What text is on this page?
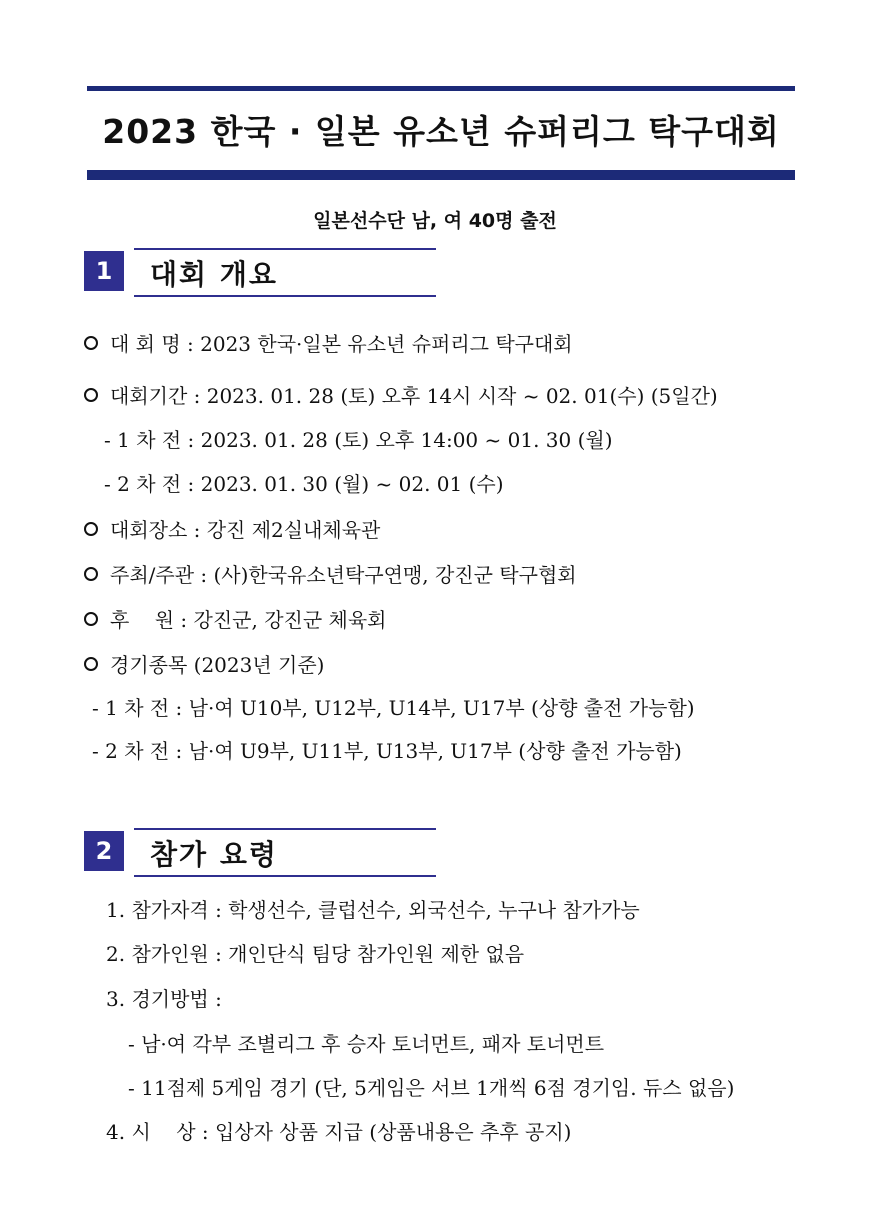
2023 한국 · 일본 유소년 슈퍼리그 탁구대회
일본선수단 남, 여 40명 출전
1	대회 개요
대 회 명 : 2023 한국·일본 유소년 슈퍼리그 탁구대회
대회기간 : 2023. 01. 28 (토) 오후 14시 시작 ~ 02. 01(수) (5일간)
- 1 차 전 : 2023. 01. 28 (토) 오후 14:00 ~ 01. 30 (월)
- 2 차 전 : 2023. 01. 30 (월) ~ 02. 01 (수)
대회장소 : 강진 제2실내체육관
주최/주관 : (사)한국유소년탁구연맹, 강진군 탁구협회
후    원 : 강진군, 강진군 체육회
경기종목 (2023년 기준)
- 1 차 전 : 남·여 U10부, U12부, U14부, U17부 (상향 출전 가능함)
- 2 차 전 : 남·여 U9부, U11부, U13부, U17부 (상향 출전 가능함)
2	참가 요령
1. 참가자격 : 학생선수, 클럽선수, 외국선수, 누구나 참가가능
2. 참가인원 : 개인단식 팀당 참가인원 제한 없음
3. 경기방법 :
- 남·여 각부 조별리그 후 승자 토너먼트, 패자 토너먼트
- 11점제 5게임 경기 (단, 5게임은 서브 1개씩 6점 경기임. 듀스 없음)
4. 시    상 : 입상자 상품 지급 (상품내용은 추후 공지)
